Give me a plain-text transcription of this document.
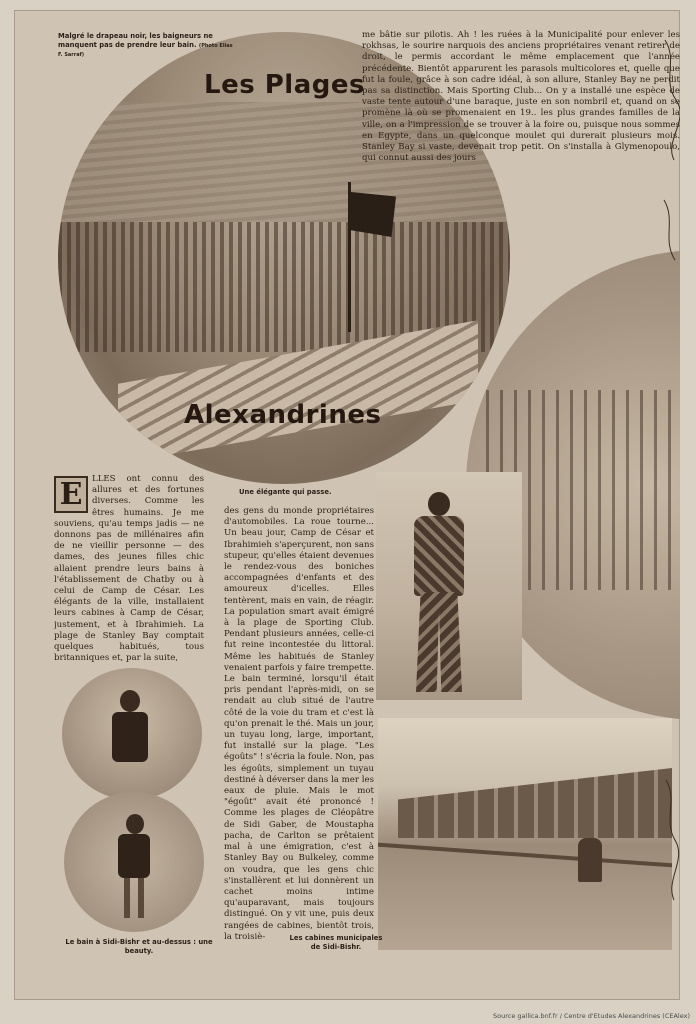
Les Plages
Alexandrines
Malgré le drapeau noir, les baigneurs ne manquent pas de prendre leur bain. (Photo Elias F. Sarraf)

me bâtie sur pilotis. Ah ! les ruées à la Municipalité pour enlever les rokhsas, le sourire narquois des anciens propriétaires venant retirer de droit, le permis accordant le même emplacement que l'année précédente. Bientôt apparurent les parasols multicolores et, quelle que fut la foule, grâce à son cadre idéal, à son allure, Stanley Bay ne perdit pas sa distinction. Mais Sporting Club... On y a installé une espèce de vaste tente autour d'une baraque, juste en son nombril et, quand on se promène là où se promenaient en 19.. les plus grandes familles de la ville, on a l'impression de se trouver à la foire ou, puisque nous sommes en Egypte, dans un quelconque moulet qui durerait plusieurs mois. Stanley Bay si vaste, devenait trop petit. On s'installa à Glymenopoulo, qui connut aussi des jours

E	LLES ont connu des allures et des fortunes diverses. Comme les êtres humains. Je me souviens, qu'au temps jadis — ne donnons pas de millénaires afin de ne vieillir personne — des dames, des jeunes filles chic allaient prendre leurs bains à l'établissement de Chatby ou à celui de Camp de César. Les élégants de la ville, installaient leurs cabines à Camp de César, justement, et à Ibrahimieh. La plage de Stanley Bay comptait quelques habitués, tous britanniques et, par la suite,
Une élégante qui passe.

des gens du monde propriétaires d'automobiles. La roue tourne... Un beau jour, Camp de César et Ibrahimieh s'aperçurent, non sans stupeur, qu'elles étaient devenues le rendez-vous des boniches accompagnées d'enfants et des amoureux d'icelles. Elles tentèrent, mais en vain, de réagir. La population smart avait émigré à la plage de Sporting Club. Pendant plusieurs années, celle-ci fut reine incontestée du littoral. Même les habitués de Stanley venaient parfois y faire trempette. Le bain terminé, lorsqu'il était pris pendant l'après-midi, on se rendait au club situé de l'autre côté de la voie du tram et c'est là qu'on prenait le thé. Mais un jour, un tuyau long, large, important, fut installé sur la plage. "Les égoûts" ! s'écria la foule. Non, pas les égoûts, simplement un tuyau destiné à déverser dans la mer les eaux de pluie. Mais le mot "égoût" avait été prononcé ! Comme les plages de Cléopâtre de Sidi Gaber, de Moustapha pacha, de Carlton se prêtaient mal à une émigration, c'est à Stanley Bay ou Bulkeley, comme on voudra, que les gens chic s'installèrent et lui donnèrent un cachet moins intime qu'auparavant, mais toujours distingué. On y vit une, puis deux rangées de cabines, bientôt trois, la troisiè-

Le bain à Sidi-Bishr et au-dessus : une beauty.
Les cabines municipales de Sidi-Bishr.
Source gallica.bnf.fr / Centre d'Etudes Alexandrines (CEAlex)
